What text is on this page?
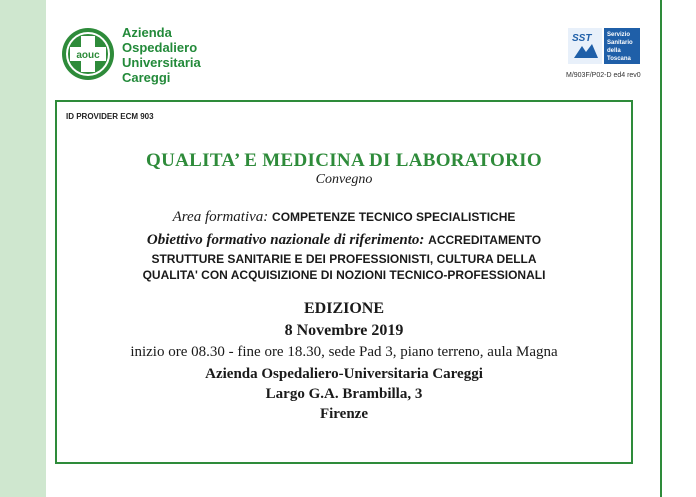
aouc
Azienda
Ospedaliero
Universitaria
Careggi
SST	Servizio
Sanitario
della
Toscana
M/903F/P02-D ed4 rev0
ID PROVIDER ECM 903
QUALITA’ E MEDICINA DI LABORATORIO
Convegno
Area formativa: COMPETENZE TECNICO SPECIALISTICHE
Obiettivo formativo nazionale di riferimento: ACCREDITAMENTO
STRUTTURE SANITARIE E DEI PROFESSIONISTI, CULTURA DELLA
QUALITA' CON ACQUISIZIONE DI NOZIONI TECNICO-PROFESSIONALI
EDIZIONE
8 Novembre 2019
inizio ore 08.30 - fine ore 18.30, sede Pad 3, piano terreno, aula Magna
Azienda Ospedaliero-Universitaria Careggi
Largo G.A. Brambilla, 3
Firenze
